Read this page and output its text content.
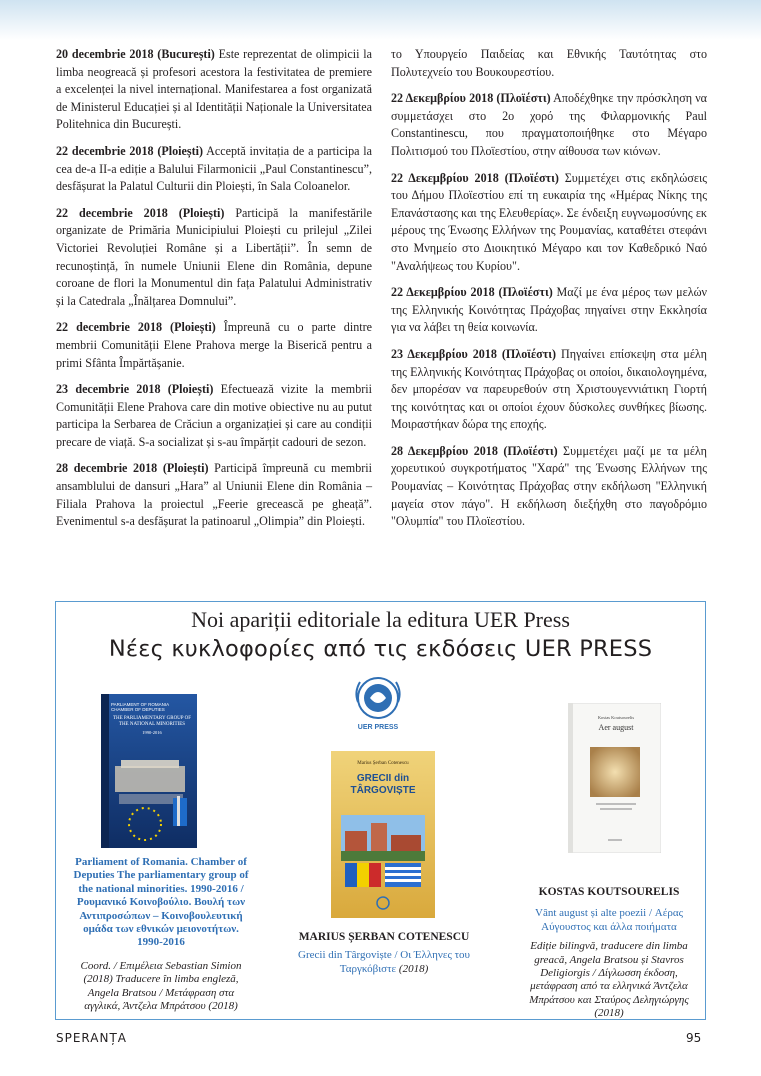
20 decembrie 2018 (București) Este reprezentat de olimpicii la limba neogreacă și profesori acestora la festivitatea de premiere a excelenței la nivel internațional. Manifestarea a fost organizată de Ministerul Educației și al Identității Naționale la Universitatea Politehnica din București.

22 decembrie 2018 (Ploiești) Acceptă invitația de a participa la cea de-a II-a ediție a Balului Filarmonicii „Paul Constantinescu”, desfășurat la Palatul Culturii din Ploiești, în Sala Coloanelor.

22 decembrie 2018 (Ploiești) Participă la manifestările organizate de Primăria Municipiului Ploiești cu prilejul „Zilei Victoriei Revoluției Române și a Libertății”. În semn de recunoștință, în numele Uniunii Elene din România, depune coroane de flori la Monumentul din fața Palatului Administrativ și la Catedrala „Înălțarea Domnului”.

22 decembrie 2018 (Ploiești) Împreună cu o parte dintre membrii Comunității Elene Prahova merge la Biserică pentru a primi Sfânta Împărtășanie.

23 decembrie 2018 (Ploiești) Efectuează vizite la membrii Comunității Elene Prahova care din motive obiective nu au putut participa la Serbarea de Crăciun a organizației și care au condiții precare de viață. S-a socializat și s-au împărțit cadouri de sezon.

28 decembrie 2018 (Ploiești) Participă împreună cu membrii ansamblului de dansuri „Hara” al Uniunii Elene din România – Filiala Prahova la proiectul „Feerie grecească pe gheață”. Evenimentul s-a desfășurat la patinoarul „Olimpia” din Ploiești.

το Υπουργείο Παιδείας και Εθνικής Ταυτότητας στο Πολυτεχνείο του Βουκουρεστίου.

22 Δεκεμβρίου 2018 (Πλοϊέστι) Αποδέχθηκε την πρόσκληση να συμμετάσχει στο 2ο χορό της Φιλαρμονικής Paul Constantinescu, που πραγματοποιήθηκε στο Μέγαρο Πολιτισμού του Πλοϊεστίου, στην αίθουσα των κιόνων.

22 Δεκεμβρίου 2018 (Πλοϊέστι) Συμμετέχει στις εκδηλώσεις του Δήμου Πλοϊεστίου επί τη ευκαιρία της «Ημέρας Νίκης της Επανάστασης και της Ελευθερίας». Σε ένδειξη ευγνωμοσύνης εκ μέρους της Ένωσης Ελλήνων της Ρουμανίας, καταθέτει στεφάνι στο Μνημείο στο Διοικητικό Μέγαρο και τον Καθεδρικό Ναό "Αναλήψεως του Κυρίου".

22 Δεκεμβρίου 2018 (Πλοϊέστι) Μαζί με ένα μέρος των μελών της Ελληνικής Κοινότητας Πράχοβας πηγαίνει στην Εκκλησία για να λάβει τη θεία κοινωνία.

23 Δεκεμβρίου 2018 (Πλοϊέστι) Πηγαίνει επίσκεψη στα μέλη της Ελληνικής Κοινότητας Πράχοβας οι οποίοι, δικαιολογημένα, δεν μπορέσαν να παρευρεθούν στη Χριστουγεννιάτικη Γιορτή της κοινότητας και οι οποίοι έχουν δύσκολες συνθήκες βίωσης. Μοιραστήκαν δώρα της εποχής.

28 Δεκεμβρίου 2018 (Πλοϊέστι) Συμμετέχει μαζί με τα μέλη χορευτικού συγκροτήματος "Χαρά" της Ένωσης Ελλήνων της Ρουμανίας – Κοινότητας Πράχοβας στην εκδήλωση "Ελληνική μαγεία στον πάγο". Η εκδήλωση διεξήχθη στο παγοδρόμιο "Ολυμπία" του Πλοϊεστίου.

Noi apariții editoriale la editura UER Press
Νέες κυκλοφορίες από τις εκδόσεις UER PRESS
PARLIAMENT OF ROMANIA CHAMBER OF DEPUTIES
THE PARLIAMENTARY GROUP OF THE NATIONAL MINORITIES
1990-2016
UER PRESS
Marius Șerban Cotenescu
GRECII din TÂRGOVIȘTE
Kostas Koutsourelis
Aer august
Parliament of Romania. Chamber of Deputies The parliamentary group of the national minorities. 1990-2016 / Ρουμανικό Κοινοβούλιο. Βουλή των Αντιπροσώπων – Κοινοβουλευτική ομάδα των εθνικών μειονοτήτων. 1990-2016
Coord. / Επιμέλεια Sebastian Simion (2018) Traducere în limba engleză, Angela Bratsou / Μετάφραση στα αγγλικά, Άντζελα Μπράτσου (2018)
MARIUS ȘERBAN COTENESCU
Grecii din Târgoviște / Οι Έλληνες του Ταργκόβιστε (2018)
KOSTAS KOUTSOURELIS
Vânt august și alte poezii / Αέρας Αύγουστος και άλλα ποιήματα
Ediție bilingvă, traducere din limba greacă, Angela Bratsou și Stavros Deligiorgis / Δίγλωσση έκδοση, μετάφραση από τα ελληνικά Άντζελα Μπράτσου και Σταύρος Δεληγιώργης (2018)
SPERANȚA	95
